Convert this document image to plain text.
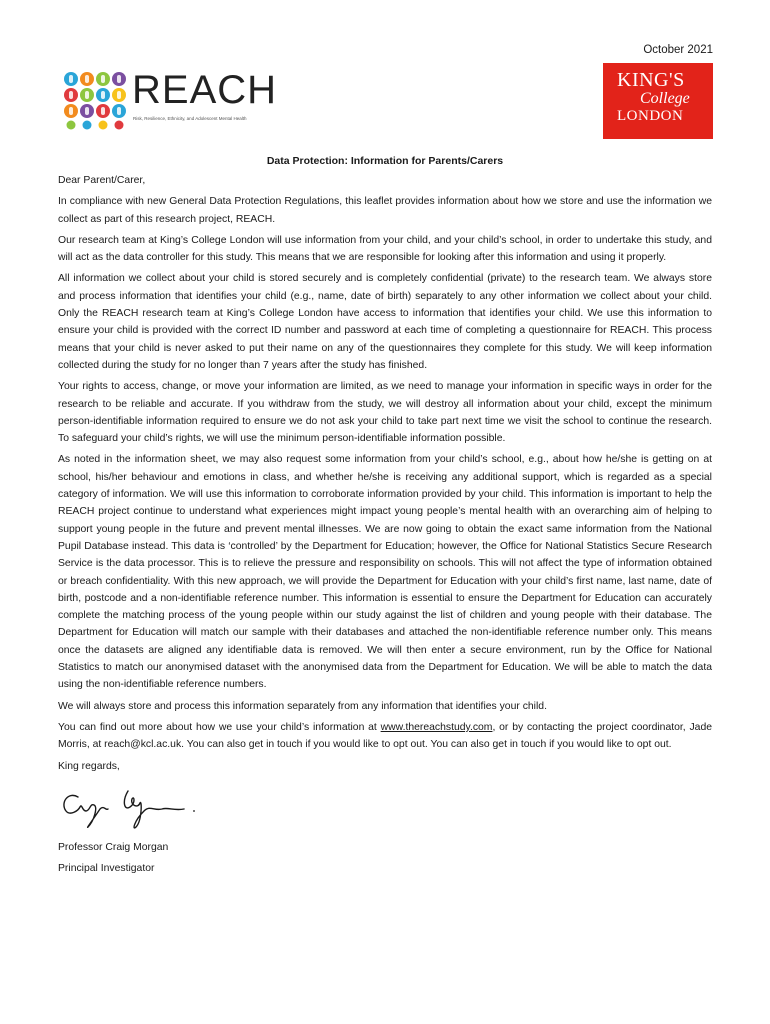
October 2021
REACH
Risk, Resilience, Ethnicity, and Adolescent Mental Health
KING'S
College
LONDON
Data Protection: Information for Parents/Carers

Dear Parent/Carer,

In compliance with new General Data Protection Regulations, this leaflet provides information about how we store and use the information we collect as part of this research project, REACH.

Our research team at King’s College London will use information from your child, and your child’s school, in order to undertake this study, and will act as the data controller for this study. This means that we are responsible for looking after this information and using it properly.

All information we collect about your child is stored securely and is completely confidential (private) to the research team. We always store and process information that identifies your child (e.g., name, date of birth) separately to any other information we collect about your child. Only the REACH research team at King’s College London have access to information that identifies your child. We use this information to ensure your child is provided with the correct ID number and password at each time of completing a questionnaire for REACH. This process means that your child is never asked to put their name on any of the questionnaires they complete for this study. We will keep information collected during the study for no longer than 7 years after the study has finished.

Your rights to access, change, or move your information are limited, as we need to manage your information in specific ways in order for the research to be reliable and accurate. If you withdraw from the study, we will destroy all information about your child, except the minimum person-identifiable information required to ensure we do not ask your child to take part next time we visit the school to continue the research. To safeguard your child’s rights, we will use the minimum person-identifiable information possible.

As noted in the information sheet, we may also request some information from your child’s school, e.g., about how he/she is getting on at school, his/her behaviour and emotions in class, and whether he/she is receiving any additional support, which is regarded as a special category of information. We will use this information to corroborate information provided by your child. This information is important to help the REACH project continue to understand what experiences might impact young people’s mental health with an overarching aim of helping to support young people in the future and prevent mental illnesses. We are now going to obtain the exact same information from the National Pupil Database instead. This data is ‘controlled’ by the Department for Education; however, the Office for National Statistics Secure Research Service is the data processor. This is to relieve the pressure and responsibility on schools. This will not affect the type of information obtained or breach confidentiality. With this new approach, we will provide the Department for Education with your child’s first name, last name, date of birth, postcode and a non-identifiable reference number. This information is essential to ensure the Department for Education can accurately complete the matching process of the young people within our study against the list of children and young people with their database. The Department for Education will match our sample with their databases and attached the non-identifiable reference number only. This means once the datasets are aligned any identifiable data is removed. We will then enter a secure environment, run by the Office for National Statistics to match our anonymised dataset with the anonymised data from the Department for Education. We will be able to match the data using the non-identifiable reference numbers.

We will always store and process this information separately from any information that identifies your child.

You can find out more about how we use your child’s information at www.thereachstudy.com, or by contacting the project coordinator, Jade Morris, at reach@kcl.ac.uk. You can also get in touch if you would like to opt out. You can also get in touch if you would like to opt out.

King regards,

Professor Craig Morgan

Principal Investigator
